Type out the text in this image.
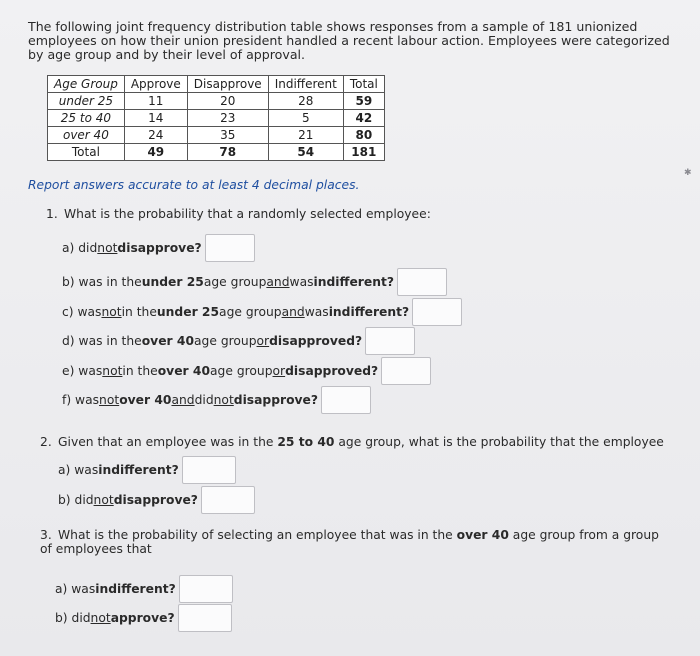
The following joint frequency distribution table shows responses from a sample of 181 unionized employees on how their union president handled a recent labour action. Employees were categorized by age group and by their level of approval.
Age Group	Approve	Disapprove	Indifferent	Total
under 25	11	20	28	59
25 to 40	14	23	5	42
over 40	24	35	21	80
Total	49	78	54	181
✱
Report answers accurate to at least 4 decimal places.
1. What is the probability that a randomly selected employee:
a) did not disapprove?
b) was in the under 25 age group and was indifferent?
c) was not in the under 25 age group and was indifferent?
d) was in the over 40 age group or disapproved?
e) was not in the over 40 age group or disapproved?
f) was not over 40 and did not disapprove?
2. Given that an employee was in the 25 to 40 age group, what is the probability that the employee
a) was indifferent?
b) did not disapprove?
3. What is the probability of selecting an employee that was in the over 40 age group from a group of employees that
a) was indifferent?
b) did not approve?
